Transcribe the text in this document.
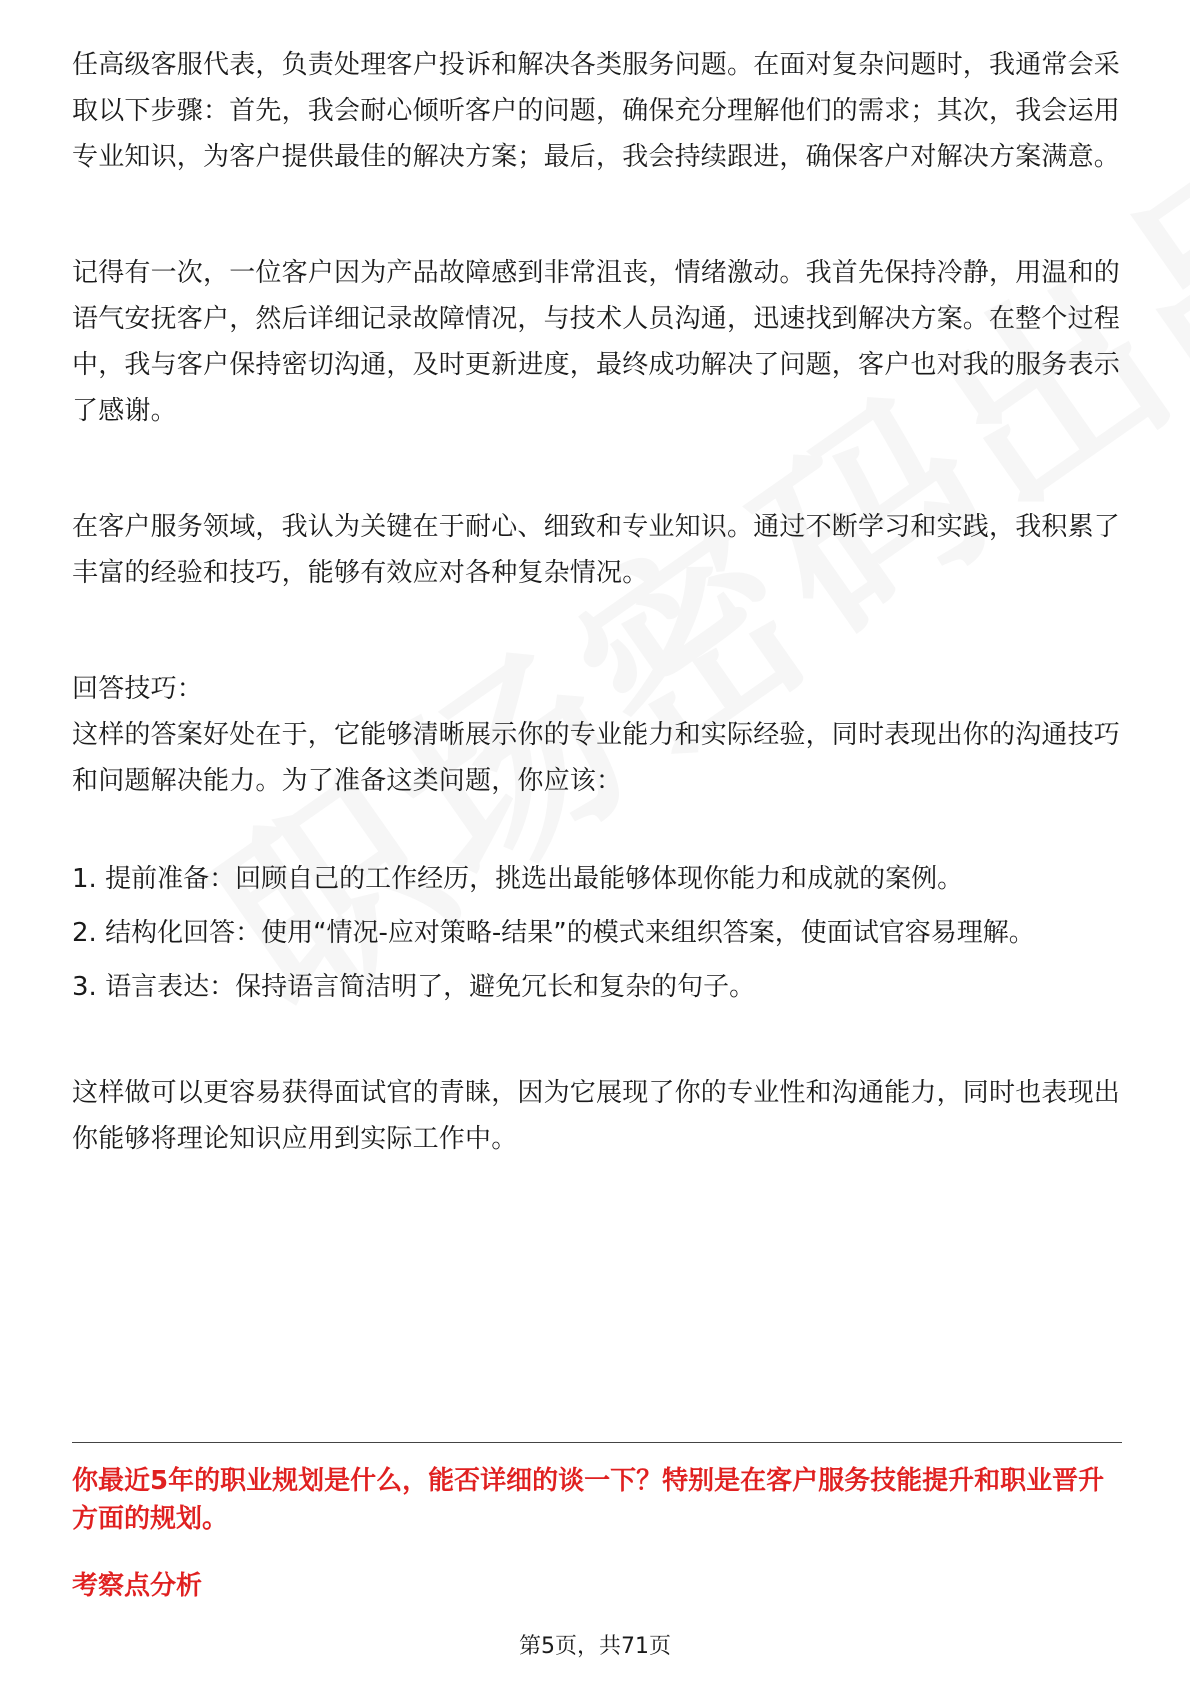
任高级客服代表，负责处理客户投诉和解决各类服务问题。在面对复杂问题时，我通常会采取以下步骤：首先，我会耐心倾听客户的问题，确保充分理解他们的需求；其次，我会运用专业知识，为客户提供最佳的解决方案；最后，我会持续跟进，确保客户对解决方案满意。

记得有一次，一位客户因为产品故障感到非常沮丧，情绪激动。我首先保持冷静，用温和的语气安抚客户，然后详细记录故障情况，与技术人员沟通，迅速找到解决方案。在整个过程中，我与客户保持密切沟通，及时更新进度，最终成功解决了问题，客户也对我的服务表示了感谢。

在客户服务领域，我认为关键在于耐心、细致和专业知识。通过不断学习和实践，我积累了丰富的经验和技巧，能够有效应对各种复杂情况。

回答技巧：

这样的答案好处在于，它能够清晰展示你的专业能力和实际经验，同时表现出你的沟通技巧和问题解决能力。为了准备这类问题，你应该：

1. 提前准备：回顾自己的工作经历，挑选出最能够体现你能力和成就的案例。

2. 结构化回答：使用“情况-应对策略-结果”的模式来组织答案，使面试官容易理解。

3. 语言表达：保持语言简洁明了，避免冗长和复杂的句子。

这样做可以更容易获得面试官的青睐，因为它展现了你的专业性和沟通能力，同时也表现出你能够将理论知识应用到实际工作中。

你最近5年的职业规划是什么，能否详细的谈一下？特别是在客户服务技能提升和职业晋升方面的规划。

考察点分析

第5页，共71页
